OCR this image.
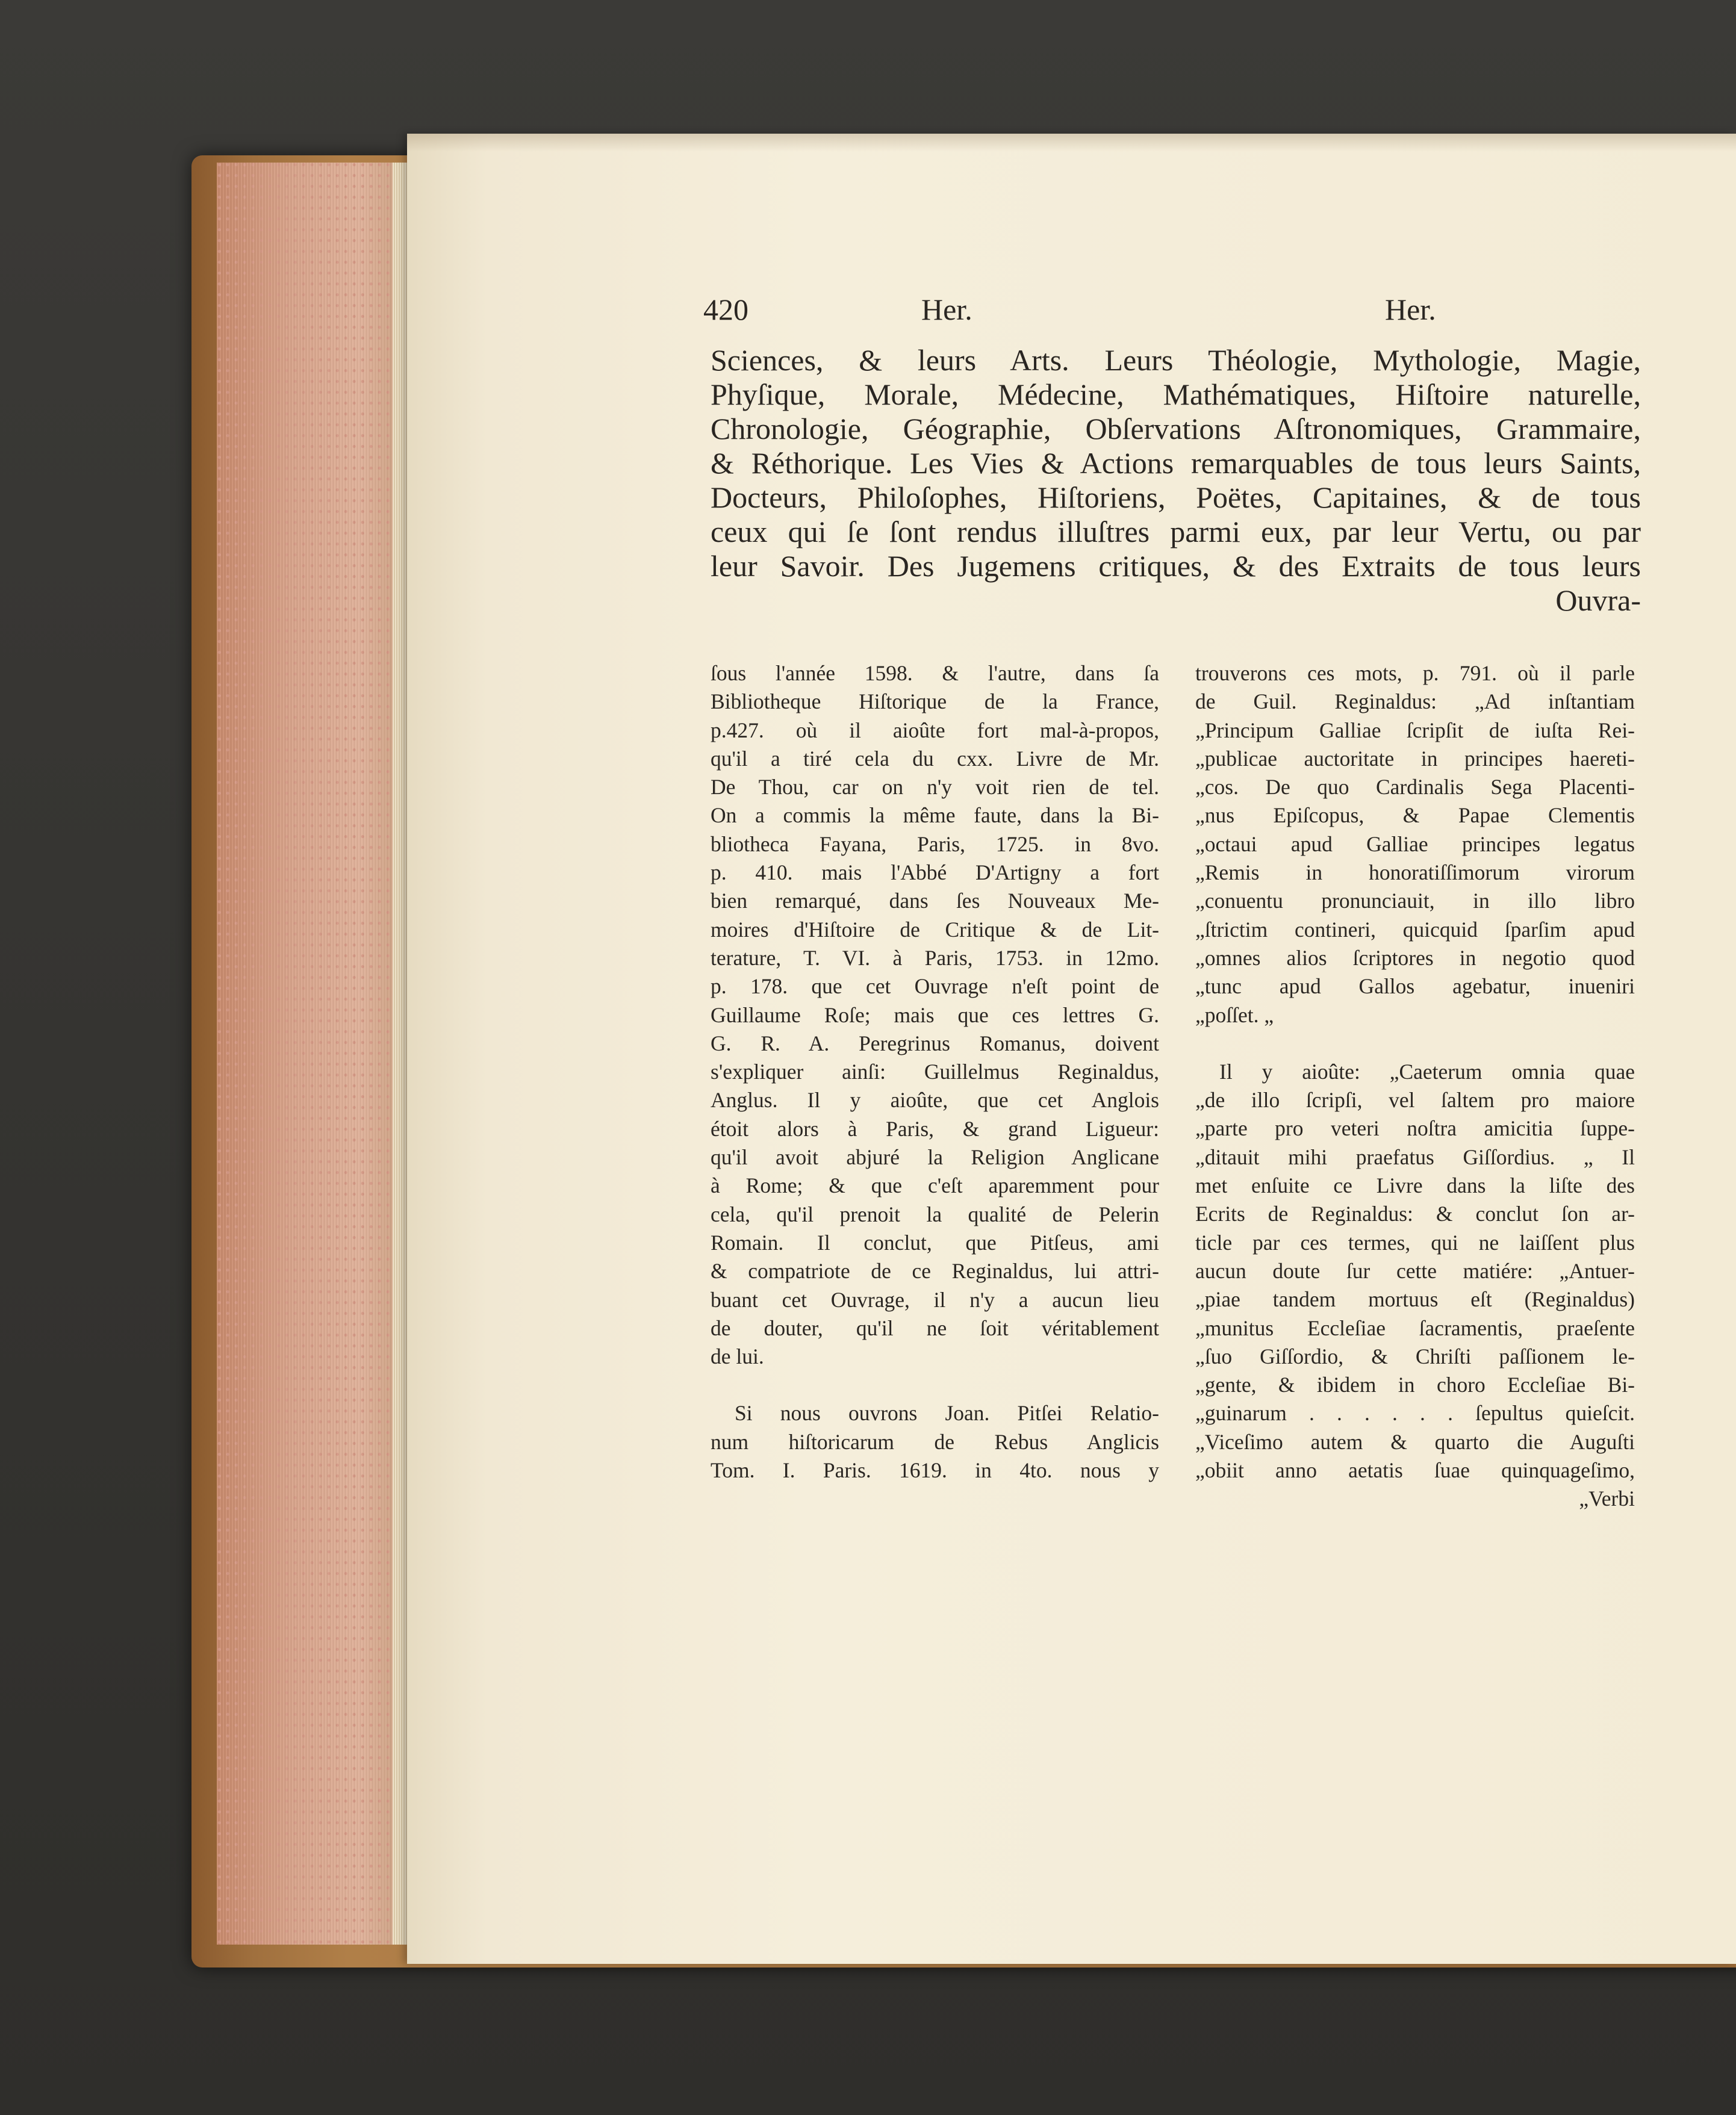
420	Her.	Her.
Sciences, & leurs Arts. Leurs Théologie, Mythologie, Magie,
Phyſique, Morale, Médecine, Mathématiques, Hiſtoire naturelle,
Chronologie, Géographie, Obſervations Aſtronomiques, Grammaire,
& Réthorique. Les Vies & Actions remarquables de tous leurs Saints,
Docteurs, Philoſophes, Hiſtoriens, Poëtes, Capitaines, & de tous
ceux qui ſe ſont rendus illuſtres parmi eux, par leur Vertu, ou par
leur Savoir. Des Jugemens critiques, & des Extraits de tous leurs
Ouvra-
ſous l'année 1598. & l'autre, dans ſa
Bibliotheque Hiſtorique de la France,
p.427. où il aioûte fort mal-à-propos,
qu'il a tiré cela du cxx. Livre de Mr.
De Thou, car on n'y voit rien de tel.
On a commis la même faute, dans la Bi-
bliotheca Fayana, Paris, 1725. in 8vo.
p. 410. mais l'Abbé D'Artigny a fort
bien remarqué, dans ſes Nouveaux Me-
moires d'Hiſtoire de Critique & de Lit-
terature, T. VI. à Paris, 1753. in 12mo.
p. 178. que cet Ouvrage n'eſt point de
Guillaume Roſe; mais que ces lettres G.
G. R. A. Peregrinus Romanus, doivent
s'expliquer ainſi: Guillelmus Reginaldus,
Anglus. Il y aioûte, que cet Anglois
étoit alors à Paris, & grand Ligueur:
qu'il avoit abjuré la Religion Anglicane
à Rome; & que c'eſt aparemment pour
cela, qu'il prenoit la qualité de Pelerin
Romain. Il conclut, que Pitſeus, ami
& compatriote de ce Reginaldus, lui attri-
buant cet Ouvrage, il n'y a aucun lieu
de douter, qu'il ne ſoit véritablement
de lui.
Si nous ouvrons Joan. Pitſei Relatio-
num hiſtoricarum de Rebus Anglicis
Tom. I. Paris. 1619. in 4to. nous y
trouverons ces mots, p. 791. où il parle
de Guil. Reginaldus: „Ad inſtantiam
„Principum Galliae ſcripſit de iuſta Rei-
„publicae auctoritate in principes haereti-
„cos. De quo Cardinalis Sega Placenti-
„nus Epiſcopus, & Papae Clementis
„octaui apud Galliae principes legatus
„Remis in honoratiſſimorum virorum
„conuentu pronunciauit, in illo libro
„ſtrictim contineri, quicquid ſparſim apud
„omnes alios ſcriptores in negotio quod
„tunc apud Gallos agebatur, inueniri
„poſſet. „
Il y aioûte: „Caeterum omnia quae
„de illo ſcripſi, vel ſaltem pro maiore
„parte pro veteri noſtra amicitia ſuppe-
„ditauit mihi praefatus Giſſordius. „ Il
met enſuite ce Livre dans la liſte des
Ecrits de Reginaldus: & conclut ſon ar-
ticle par ces termes, qui ne laiſſent plus
aucun doute ſur cette matiére: „Antuer-
„piae tandem mortuus eſt (Reginaldus)
„munitus Eccleſiae ſacramentis, praeſente
„ſuo Giſſordio, & Chriſti paſſionem le-
„gente, & ibidem in choro Eccleſiae Bi-
„guinarum . . . . . . ſepultus quieſcit.
„Viceſimo autem & quarto die Auguſti
„obiit anno aetatis ſuae quinquageſimo,
„Verbi
